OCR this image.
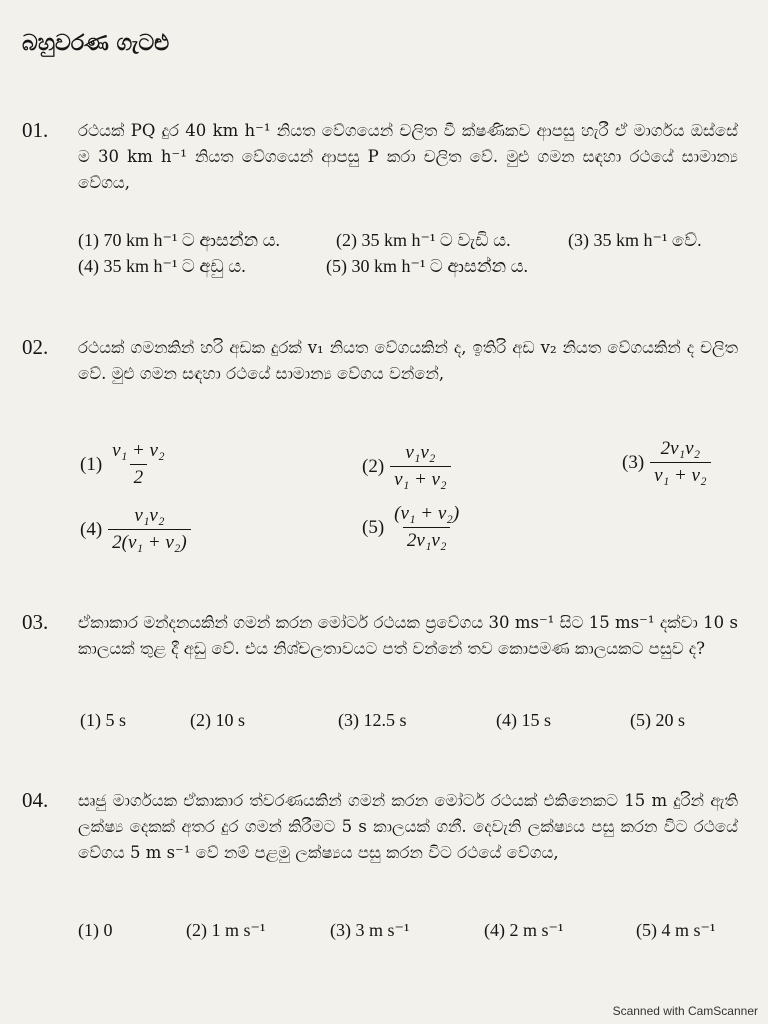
බහුවරණ ගැටළු
01. රථයක් PQ දුර 40 km h⁻¹ නියත වේගයෙන් චලිත වී ක්ෂණිකව ආපසු හැරී ඒ මාර්ගය ඔස්සේ ම 30 km h⁻¹ නියත වේගයෙන් ආපසු P කරා චලිත වේ. මුළු ගමන සඳහා රථයේ සාමාන්‍ය වේගය,
(1) 70 km h⁻¹ ට ආසන්න ය.	(2) 35 km h⁻¹ ට වැඩි ය.	(3) 35 km h⁻¹ වේ.
(4) 35 km h⁻¹ ට අඩු ය.	(5) 30 km h⁻¹ ට ආසන්න ය.
02. රථයක් ගමනකින් හරි අඩක දුරක් v₁ නියත වේගයකින් ද, ඉතිරි අඩ v₂ නියත වේගයකින් ද චලිත වේ. මුළු ගමන සඳහා රථයේ සාමාන්‍ය වේගය වන්නේ,
$(1) \frac{\text{v₁ + v₂}}{2}$	$(2) \frac{\text{v₁v₂}}{\text{v₁ + v₂}}$	$(3) \frac{\text{2v₁v₂}}{\text{v₁ + v₂}}$
$(4) \frac{\text{v₁v₂}}{\text{2(v₁ + v₂)}}$	$(5) \frac{\text{(v₁ + v₂)}}{\text{2v₁v₂}}$
03. ඒකාකාර මන්දනයකින් ගමන් කරන මෝටර් රථයක ප්‍රවේගය 30 ms⁻¹ සිට 15 ms⁻¹ දක්වා 10 s කාලයක් තුළ දී අඩු වේ. එය නිශ්චලතාවයට පත් වන්නේ තව කොපමණ කාලයකට පසුව ද?
(1) 5 s	(2) 10 s	(3) 12.5 s	(4) 15 s	(5) 20 s
04. සෘජු මාර්ගයක ඒකාකාර ත්වරණයකින් ගමන් කරන මෝටර් රථයක් එකිනෙකට 15 m දුරින් ඇති ලක්ෂ්‍ය දෙකක් අතර දුර ගමන් කිරීමට 5 s කාලයක් ගනී. දෙවැනි ලක්ෂ්‍යය පසු කරන විට රථයේ වේගය 5 m s⁻¹ වේ නම් පළමු ලක්ෂ්‍යය පසු කරන විට රථයේ වේගය,
(1) 0	(2) 1 m s⁻¹	(3) 3 m s⁻¹	(4) 2 m s⁻¹	(5) 4 m s⁻¹
Scanned with CamScanner
